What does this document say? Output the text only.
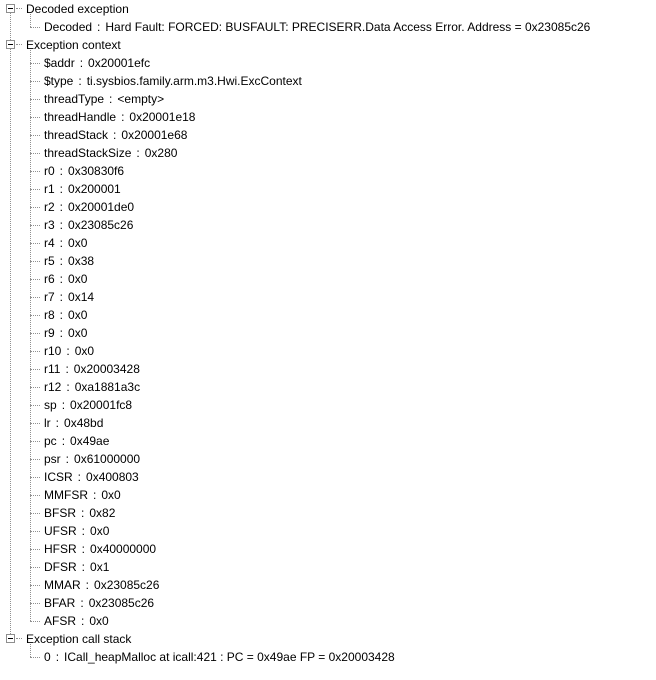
Decoded exception
Decoded : Hard Fault: FORCED: BUSFAULT: PRECISERR.Data Access Error. Address = 0x23085c26
Exception context
$addr : 0x20001efc
$type : ti.sysbios.family.arm.m3.Hwi.ExcContext
threadType : <empty>
threadHandle : 0x20001e18
threadStack : 0x20001e68
threadStackSize : 0x280
r0 : 0x30830f6
r1 : 0x200001
r2 : 0x20001de0
r3 : 0x23085c26
r4 : 0x0
r5 : 0x38
r6 : 0x0
r7 : 0x14
r8 : 0x0
r9 : 0x0
r10 : 0x0
r11 : 0x20003428
r12 : 0xa1881a3c
sp : 0x20001fc8
lr : 0x48bd
pc : 0x49ae
psr : 0x61000000
ICSR : 0x400803
MMFSR : 0x0
BFSR : 0x82
UFSR : 0x0
HFSR : 0x40000000
DFSR : 0x1
MMAR : 0x23085c26
BFAR : 0x23085c26
AFSR : 0x0
Exception call stack
0 : ICall_heapMalloc at icall:421 : PC = 0x49ae FP = 0x20003428
